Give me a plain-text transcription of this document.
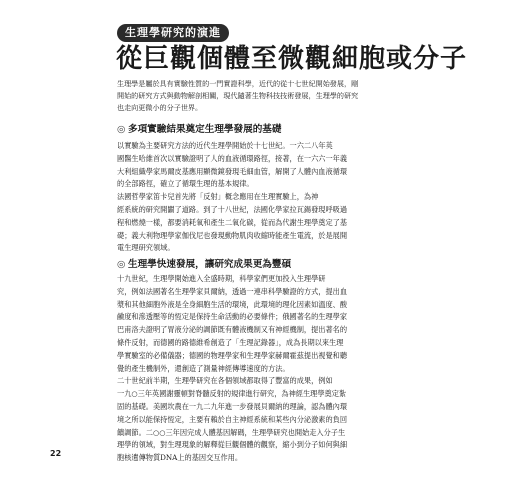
生理學研究的演進
從巨觀個體至微觀細胞或分子
生理學是屬於具有實驗性質的一門實證科學，近代的從十七世紀開始發展，剛
開始的研究方式與動物解剖相關，現代隨著生物科技技術發展，生理學的研究
也走向更微小的分子世界。
◎ 多項實驗結果奠定生理學發展的基礎
以實驗為主要研究方法的近代生理學開始於十七世紀。一六二八年英
國醫生哈維首次以實驗證明了人的血液循環路徑，接著，在一六六一年義
大利組織學家馬爾皮基應用顯微鏡發現毛細血管，解開了人體內血液循環
的全部路徑，確立了循環生理的基本規律。
法國哲學家笛卡兒首先將「反射」概念應用在生理實驗上，為神
經系統的研究開闢了道路。到了十八世紀，法國化學家拉瓦錫發現呼吸過
程和燃燒一樣，都要消耗氧和產生二氧化碳，從而為代謝生理學奠定了基
礎；義大利物理學家伽伐尼也發現動物肌肉收縮時能產生電流，於是展開
電生理研究領域。
◎ 生理學快速發展，讓研究成果更為豐碩
十九世紀，生理學開始進入全盛時期，科學家們更加投入生理學研
究，例如法國著名生理學家貝爾納，透過一連串科學驗證的方式，提出血
漿和其他細胞外液是全身細胞生活的環境，此環境的理化因素如溫度、酸
鹼度和滲透壓等的恆定是保持生命活動的必要條件；俄國著名的生理學家
巴甫洛夫證明了胃液分泌的調節既有體液機制又有神經機制，提出著名的
條件反射，而德國的路德維希創造了「生理記錄器」，成為長期以來生理
學實驗室的必備儀器；德國的物理學家和生理學家赫爾霍茲提出視覺和聽
覺的產生機制外，還創造了測量神經傳導速度的方法。
二十世紀前半期，生理學研究在各個領域都取得了豐富的成果，例如
一九○三年英國謝靈頓對脊髓反射的規律進行研究，為神經生理學奠定紮
固的基礎。美國坎農在一九二九年進一步發展貝爾納的理論，認為體內環
境之所以能保持恆定，主要有賴於自主神經系統和某些內分泌激素的負回
饋調節。二○○三年因完成人體基因解碼，生理學研究也開始走入分子生
理學的領域，對生理現象的解釋從巨觀個體的觀察，縮小到分子如何與細
胞核遺傳物質DNA上的基因交互作用。
22
